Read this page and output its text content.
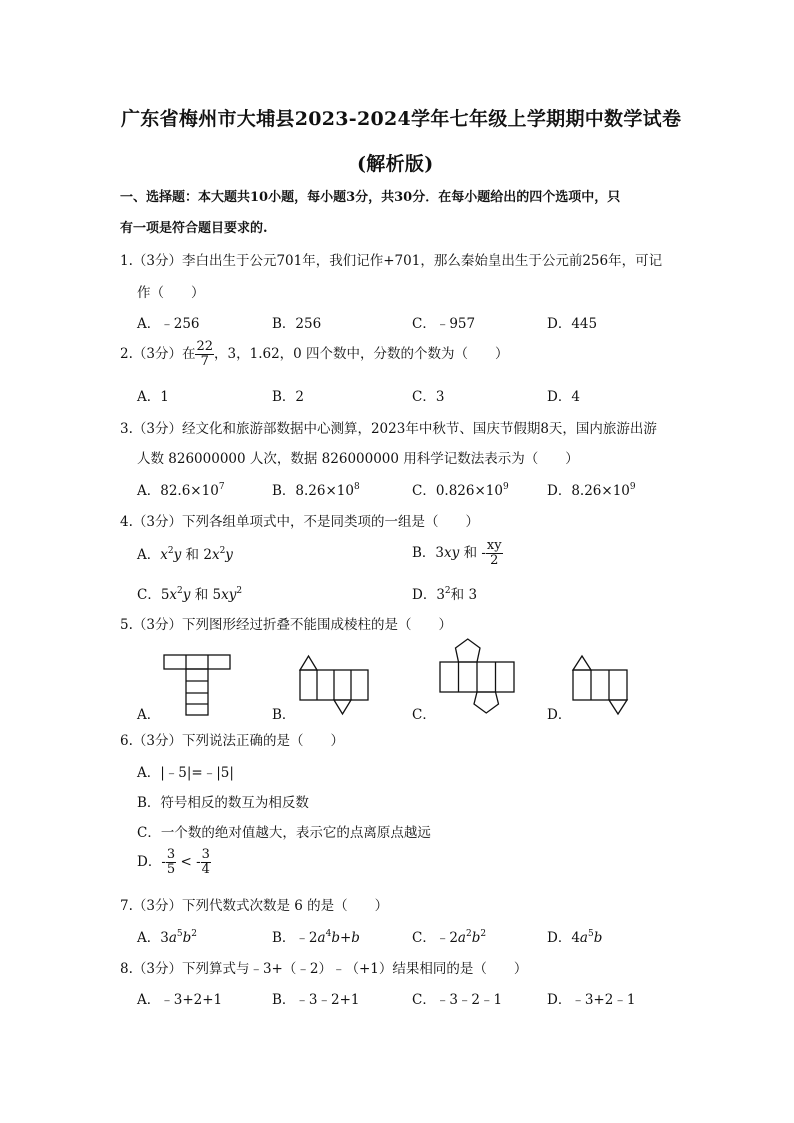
广东省梅州市大埔县2023-2024学年七年级上学期期中数学试卷
(解析版)
一、选择题：本大题共10小题，每小题3分，共30分．在每小题给出的四个选项中，只
有一项是符合题目要求的.
1.（3分）李白出生于公元701年，我们记作+701，那么秦始皇出生于公元前256年，可记
作（　　）
A．﹣256	B．256	C．﹣957	D．445
2.（3分）在 $\frac{22}{7}$ ，3，1.62，0 四个数中，分数的个数为（　　）
A．1	B．2	C．3	D．4
3.（3分）经文化和旅游部数据中心测算，2023年中秋节、国庆节假期8天，国内旅游出游
人数 826000000 人次，数据 826000000 用科学记数法表示为（　　）
A．$82.6\times 10^7$	B．$8.26\times 10^8$	C．$0.826\times 10^9$	D．$8.26\times 10^9$
4.（3分）下列各组单项式中，不是同类项的一组是（　　）
A．$x^2y$ 和 $2x^2y$	B．3xy 和 - $\frac{xy}{2}$
C．$5x^2y$ 和 $5xy^2$	D．$3^2$和 3
5.（3分）下列图形经过折叠不能围成棱柱的是（　　）
A．	B．	C．	D．
6.（3分）下列说法正确的是（　　）
A．|﹣5|=﹣|5|
B．符号相反的数互为相反数
C．一个数的绝对值越大，表示它的点离原点越远
D．- $\frac{3}{5}$ < - $\frac{3}{4}$
7.（3分）下列代数式次数是 6 的是（　　）
A．$3a^5b^2$	B．$﹣2a^4b+b$	C．$﹣2a^2b^2$	D．$4a^5b$
8.（3分）下列算式与﹣3+（﹣2）﹣（+1）结果相同的是（　　）
A．﹣3+2+1	B．﹣3﹣2+1	C．﹣3﹣2﹣1	D．﹣3+2﹣1
